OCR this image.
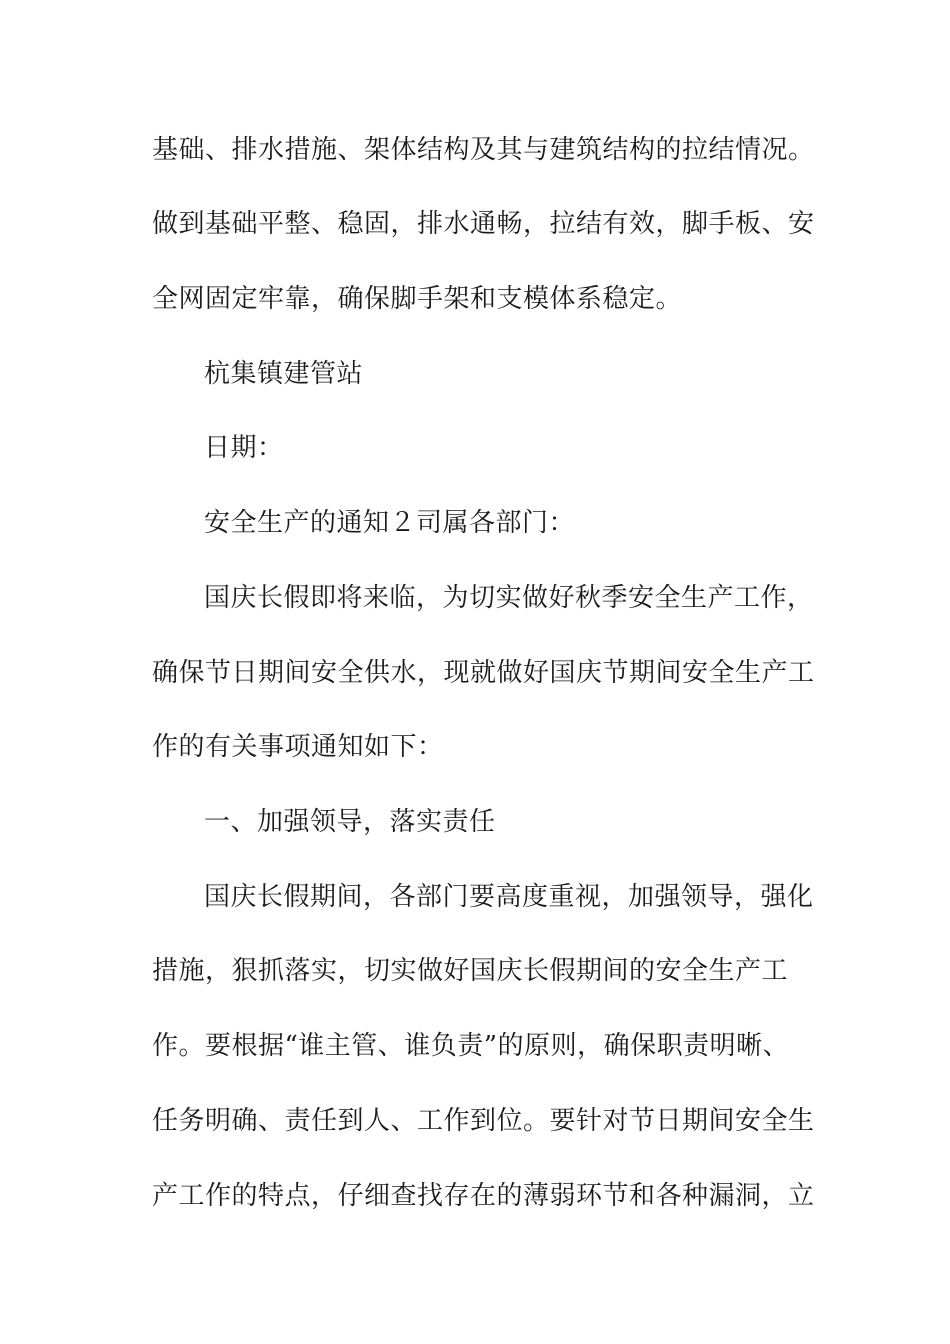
基础、排水措施、架体结构及其与建筑结构的拉结情况。
做到基础平整、稳固，排水通畅，拉结有效，脚手板、安
全网固定牢靠，确保脚手架和支模体系稳定。
杭集镇建管站
日期：
安全生产的通知２司属各部门：
国庆长假即将来临，为切实做好秋季安全生产工作，
确保节日期间安全供水，现就做好国庆节期间安全生产工
作的有关事项通知如下：
一、加强领导，落实责任
国庆长假期间，各部门要高度重视，加强领导，强化
措施，狠抓落实，切实做好国庆长假期间的安全生产工
作。要根据“谁主管、谁负责”的原则，确保职责明晰、
任务明确、责任到人、工作到位。要针对节日期间安全生
产工作的特点，仔细查找存在的薄弱环节和各种漏洞，立
